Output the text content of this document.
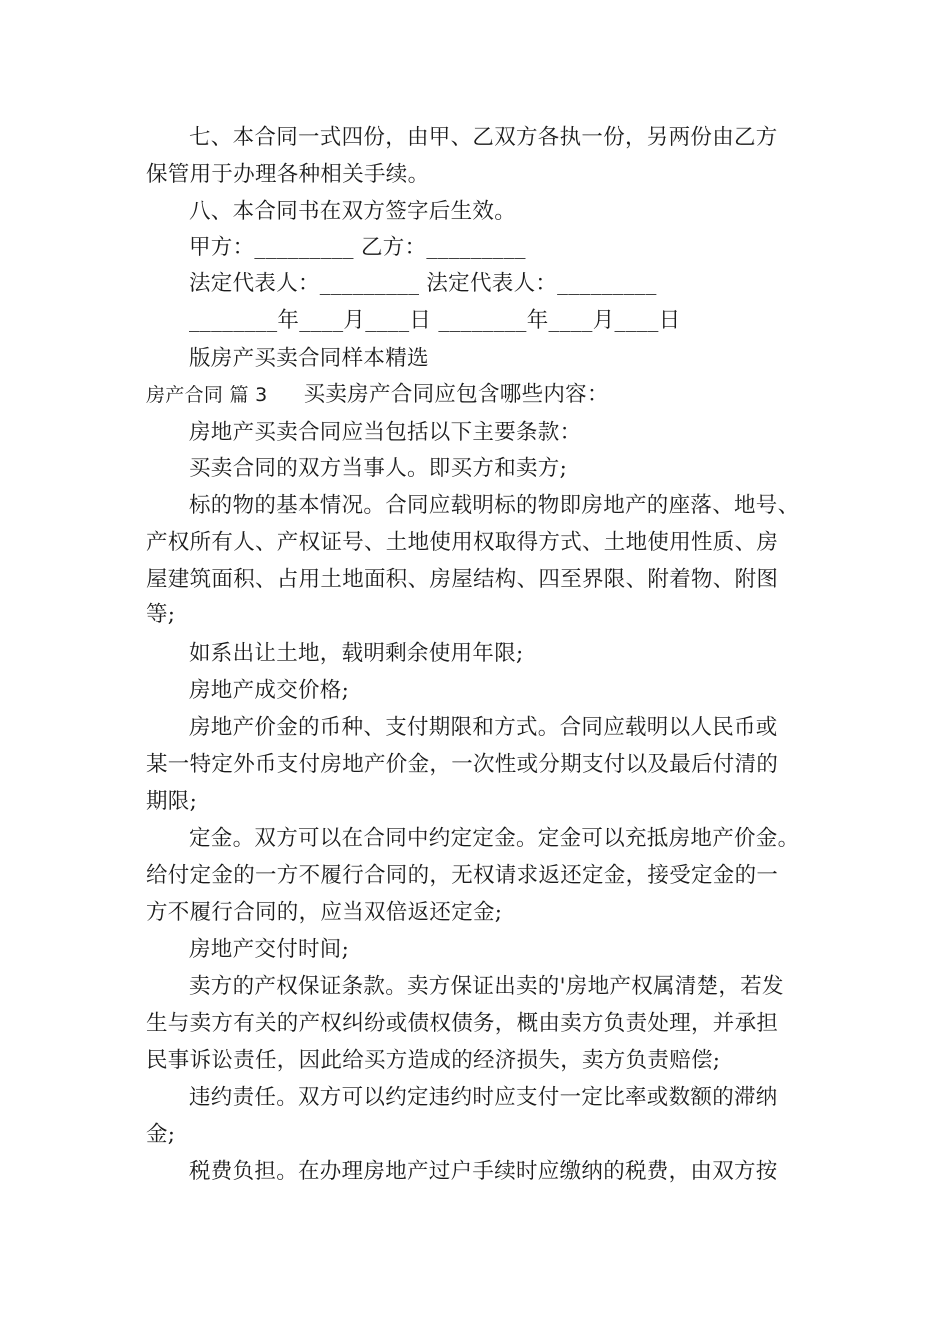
七、本合同一式四份，由甲、乙双方各执一份，另两份由乙方
保管用于办理各种相关手续。
八、本合同书在双方签字后生效。
甲方：_________ 乙方：_________
法定代表人：_________ 法定代表人：_________
________年____月____日 ________年____月____日
版房产买卖合同样本精选
房产合同 篇 3 买卖房产合同应包含哪些内容：
房地产买卖合同应当包括以下主要条款：
买卖合同的双方当事人。即买方和卖方;
标的物的基本情况。合同应载明标的物即房地产的座落、地号、
产权所有人、产权证号、土地使用权取得方式、土地使用性质、房
屋建筑面积、占用土地面积、房屋结构、四至界限、附着物、附图
等;
如系出让土地，载明剩余使用年限;
房地产成交价格;
房地产价金的币种、支付期限和方式。合同应载明以人民币或
某一特定外币支付房地产价金，一次性或分期支付以及最后付清的
期限;
定金。双方可以在合同中约定定金。定金可以充抵房地产价金。
给付定金的一方不履行合同的，无权请求返还定金，接受定金的一
方不履行合同的，应当双倍返还定金;
房地产交付时间;
卖方的产权保证条款。卖方保证出卖的'房地产权属清楚，若发
生与卖方有关的产权纠纷或债权债务，概由卖方负责处理，并承担
民事诉讼责任，因此给买方造成的经济损失，卖方负责赔偿;
违约责任。双方可以约定违约时应支付一定比率或数额的滞纳
金;
税费负担。在办理房地产过户手续时应缴纳的税费，由双方按
